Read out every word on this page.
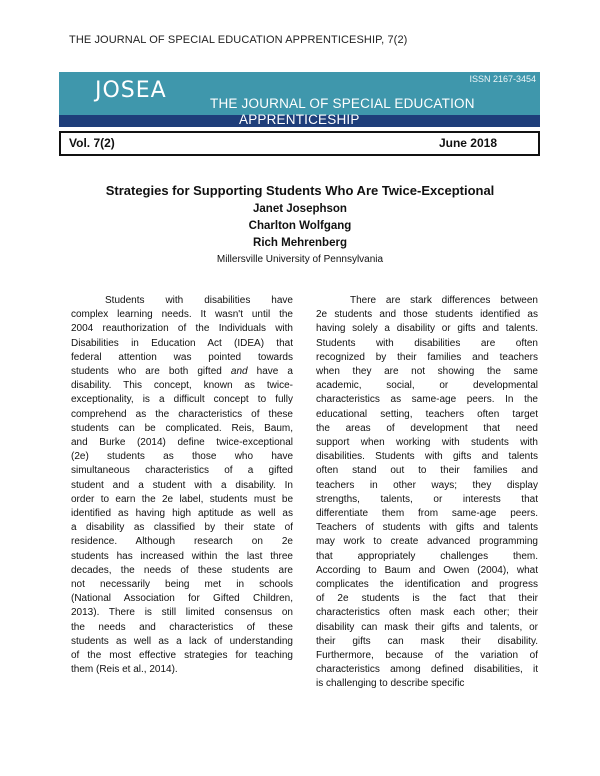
THE JOURNAL OF SPECIAL EDUCATION APPRENTICESHIP, 7(2)
JOSEA	ISSN 2167-3454
THE JOURNAL OF SPECIAL EDUCATION
APPRENTICESHIP
Vol. 7(2)	June 2018
Strategies for Supporting Students Who Are Twice-Exceptional
Janet Josephson
Charlton Wolfgang
Rich Mehrenberg
Millersville University of Pennsylvania
Students with disabilities have
complex learning needs. It wasn't until the
2004 reauthorization of the Individuals with
Disabilities in Education Act (IDEA) that
federal attention was pointed towards
students who are both gifted and have a
disability. This concept, known as twice-
exceptionality, is a difficult concept to fully
comprehend as the characteristics of these
students can be complicated. Reis, Baum,
and Burke (2014) define twice-exceptional
(2e) students as those who have
simultaneous characteristics of a gifted
student and a student with a disability. In
order to earn the 2e label, students must be
identified as having high aptitude as well as
a disability as classified by their state of
residence. Although research on 2e
students has increased within the last three
decades, the needs of these students are
not necessarily being met in schools
(National Association for Gifted Children,
2013). There is still limited consensus on
the needs and characteristics of these
students as well as a lack of understanding
of the most effective strategies for teaching
them (Reis et al., 2014).
There are stark differences between
2e students and those students identified as
having solely a disability or gifts and talents.
Students with disabilities are often
recognized by their families and teachers
when they are not showing the same
academic, social, or developmental
characteristics as same-age peers. In the
educational setting, teachers often target
the areas of development that need
support when working with students with
disabilities. Students with gifts and talents
often stand out to their families and
teachers in other ways; they display
strengths, talents, or interests that
differentiate them from same-age peers.
Teachers of students with gifts and talents
may work to create advanced programming
that appropriately challenges them.
According to Baum and Owen (2004), what
complicates the identification and progress
of 2e students is the fact that their
characteristics often mask each other; their
disability can mask their gifts and talents, or
their gifts can mask their disability.
Furthermore, because of the variation of
characteristics among defined disabilities, it
is challenging to describe specific
